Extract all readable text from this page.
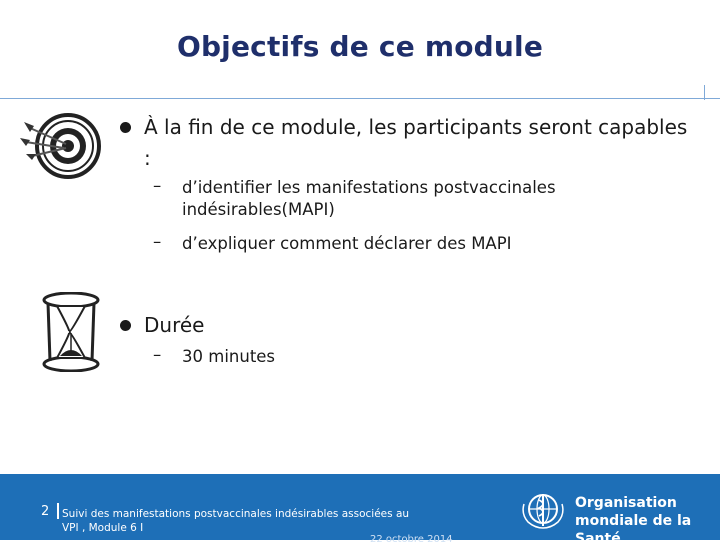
Objectifs de ce module
À la fin de ce module, les participants seront capables
:
– d’identifier les manifestations postvaccinales
indésirables(MAPI)
– d’expliquer comment déclarer des MAPI
Durée
– 30 minutes
2 Suivi des manifestations postvaccinales indésirables associées au
VPI , Module 6 I
22 octobre 2014
Organisation
mondiale de la Santé
